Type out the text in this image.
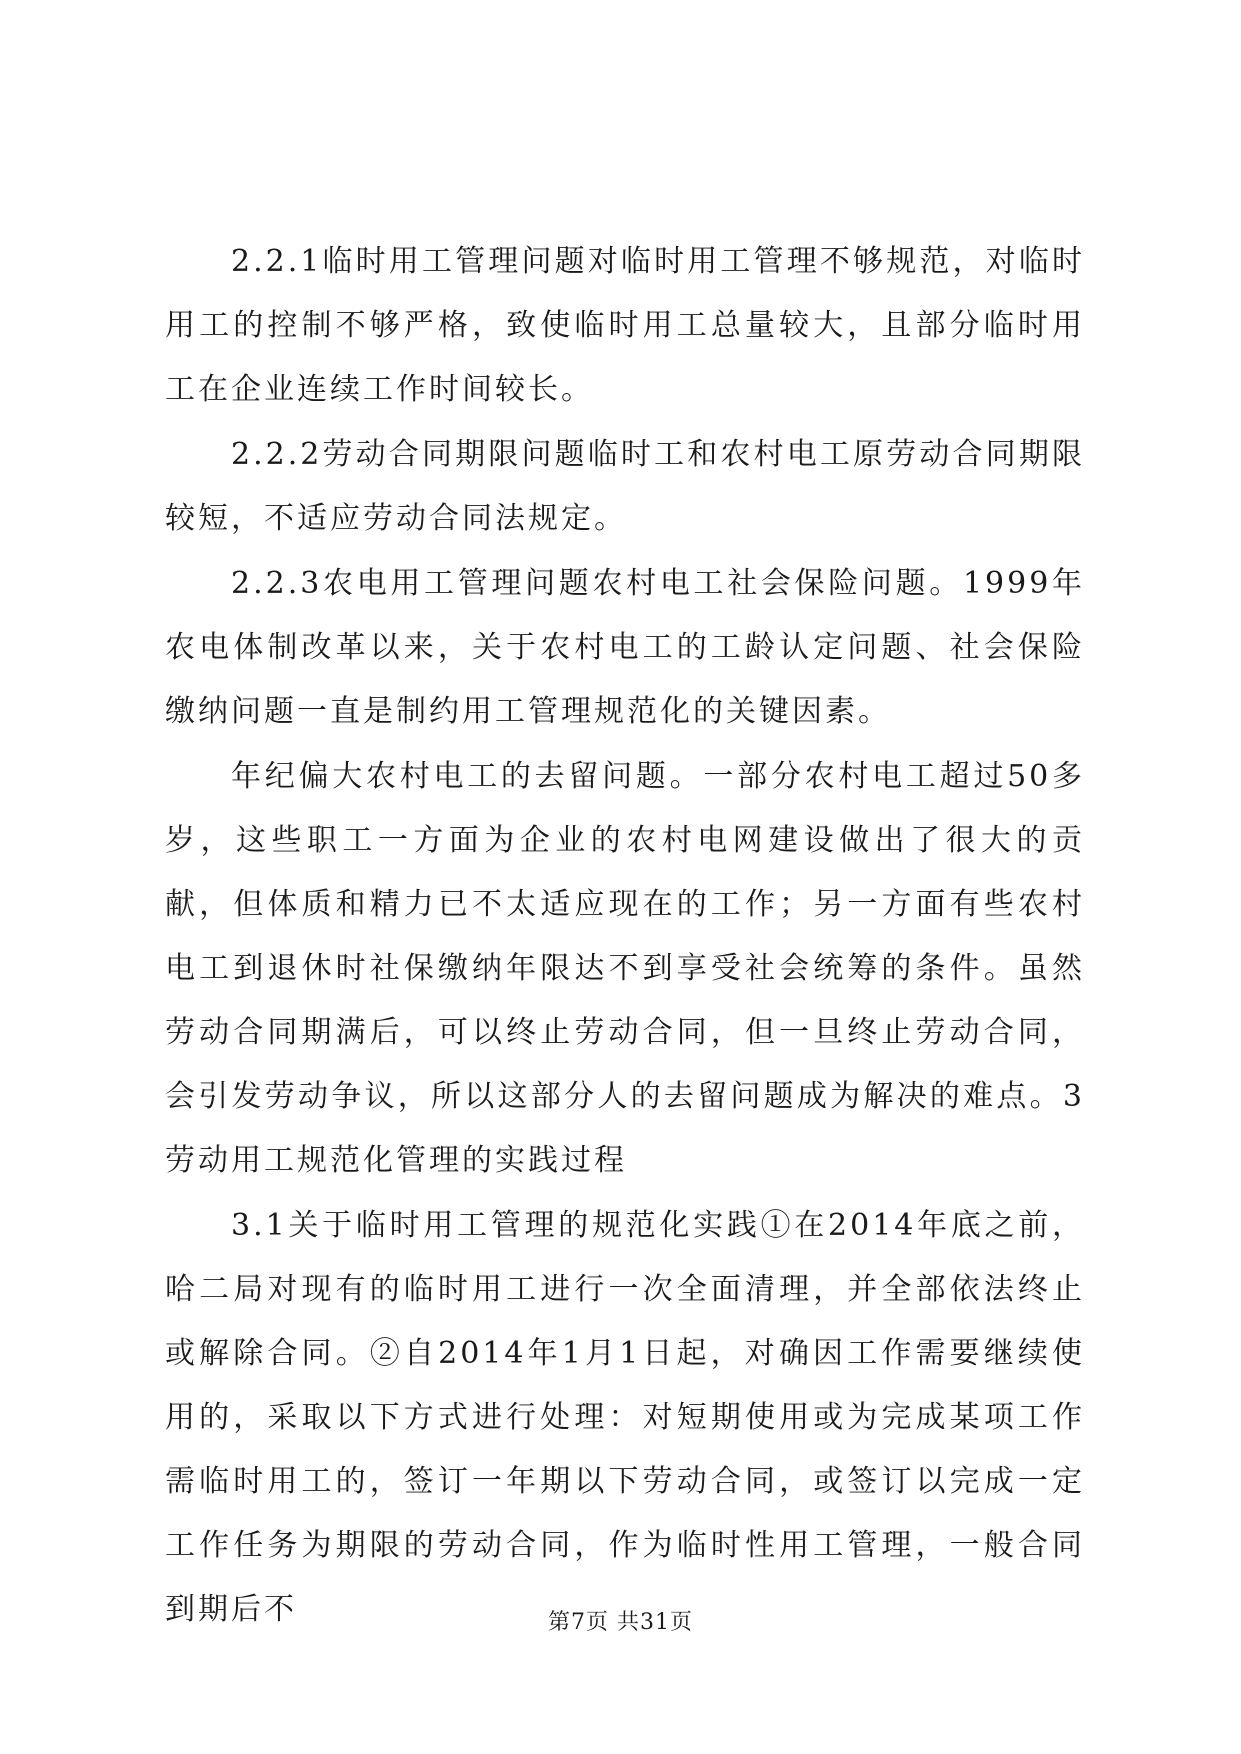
2.2.1临时用工管理问题对临时用工管理不够规范，对临时用工的控制不够严格，致使临时用工总量较大，且部分临时用工在企业连续工作时间较长。

2.2.2劳动合同期限问题临时工和农村电工原劳动合同期限较短，不适应劳动合同法规定。

2.2.3农电用工管理问题农村电工社会保险问题。1999年农电体制改革以来，关于农村电工的工龄认定问题、社会保险缴纳问题一直是制约用工管理规范化的关键因素。

年纪偏大农村电工的去留问题。一部分农村电工超过50多岁，这些职工一方面为企业的农村电网建设做出了很大的贡献，但体质和精力已不太适应现在的工作；另一方面有些农村电工到退休时社保缴纳年限达不到享受社会统筹的条件。虽然劳动合同期满后，可以终止劳动合同，但一旦终止劳动合同，会引发劳动争议，所以这部分人的去留问题成为解决的难点。3劳动用工规范化管理的实践过程

3.1关于临时用工管理的规范化实践①在2014年底之前，哈二局对现有的临时用工进行一次全面清理，并全部依法终止或解除合同。②自2014年1月1日起，对确因工作需要继续使用的，采取以下方式进行处理：对短期使用或为完成某项工作需临时用工的，签订一年期以下劳动合同，或签订以完成一定工作任务为期限的劳动合同，作为临时性用工管理，一般合同到期后不	第7页 共31页
